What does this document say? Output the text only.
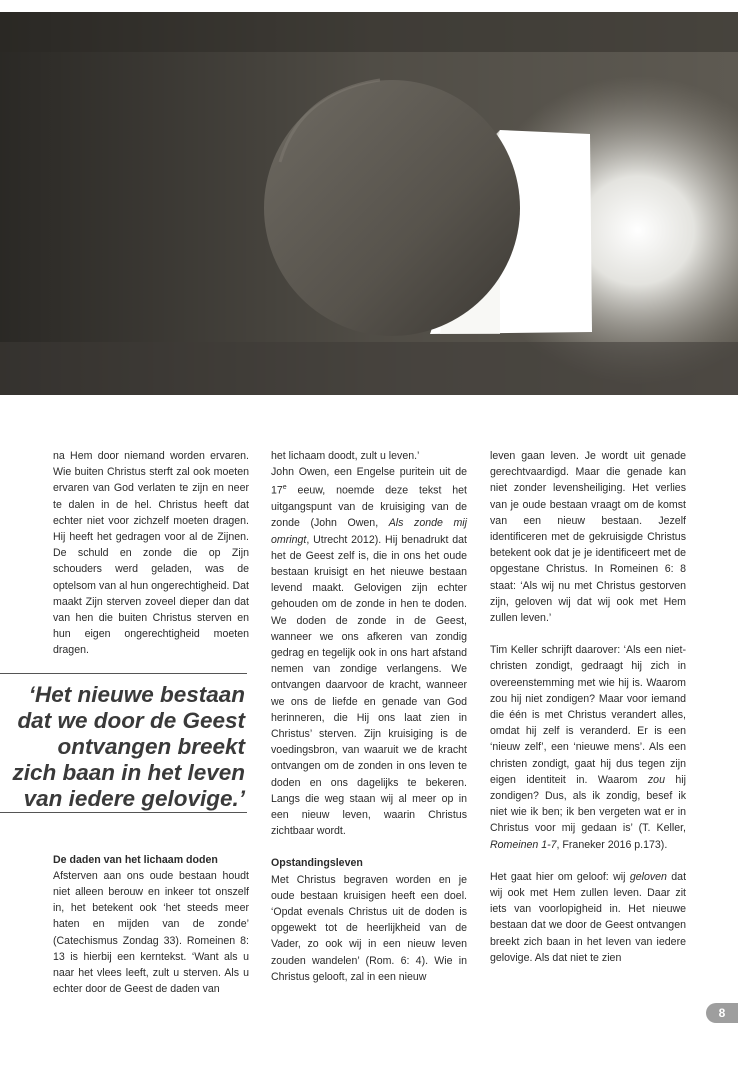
na Hem door niemand worden ervaren. Wie buiten Christus sterft zal ook moeten ervaren van God verlaten te zijn en neer te dalen in de hel. Christus heeft dat echter niet voor zichzelf moeten dragen. Hij heeft het gedragen voor al de Zijnen. De schuld en zonde die op Zijn schouders werd geladen, was de optelsom van al hun ongerechtigheid. Dat maakt Zijn sterven zoveel dieper dan dat van hen die buiten Christus sterven en hun eigen ongerechtigheid moeten dragen.

De daden van het lichaam doden

Afsterven aan ons oude bestaan houdt niet alleen berouw en inkeer tot onszelf in, het betekent ook ‘het steeds meer haten en mijden van de zonde’ (Catechismus Zondag 33). Romeinen 8: 13 is hierbij een kerntekst. ‘Want als u naar het vlees leeft, zult u sterven. Als u echter door de Geest de daden van

‘Het nieuwe bestaan dat we door de Geest ontvangen breekt zich baan in het leven van iedere gelovige.’

het lichaam doodt, zult u leven.’

John Owen, een Engelse puritein uit de 17e eeuw, noemde deze tekst het uitgangspunt van de kruisiging van de zonde (John Owen, Als zonde mij omringt, Utrecht 2012). Hij benadrukt dat het de Geest zelf is, die in ons het oude bestaan kruisigt en het nieuwe bestaan levend maakt. Gelovigen zijn echter gehouden om de zonde in hen te doden. We doden de zonde in de Geest, wanneer we ons afkeren van zondig gedrag en tegelijk ook in ons hart afstand nemen van zondige verlangens. We ontvangen daarvoor de kracht, wanneer we ons de liefde en genade van God herinneren, die Hij ons laat zien in Christus’ sterven. Zijn kruisiging is de voedingsbron, van waaruit we de kracht ontvangen om de zonden in ons leven te doden en ons dagelijks te bekeren. Langs die weg staan wij al meer op in een nieuw leven, waarin Christus zichtbaar wordt.

Opstandingsleven

Met Christus begraven worden en je oude bestaan kruisigen heeft een doel. ‘Opdat evenals Christus uit de doden is opgewekt tot de heerlijkheid van de Vader, zo ook wij in een nieuw leven zouden wandelen’ (Rom. 6: 4). Wie in Christus gelooft, zal in een nieuw

leven gaan leven. Je wordt uit genade gerechtvaardigd. Maar die genade kan niet zonder levensheiliging. Het verlies van je oude bestaan vraagt om de komst van een nieuw bestaan. Jezelf identificeren met de gekruisigde Christus betekent ook dat je je identificeert met de opgestane Christus. In Romeinen 6: 8 staat: ‘Als wij nu met Christus gestorven zijn, geloven wij dat wij ook met Hem zullen leven.’

Tim Keller schrijft daarover: ‘Als een niet-christen zondigt, gedraagt hij zich in overeenstemming met wie hij is. Waarom zou hij niet zondigen? Maar voor iemand die één is met Christus verandert alles, omdat hij zelf is veranderd. Er is een ‘nieuw zelf’, een ‘nieuwe mens’. Als een christen zondigt, gaat hij dus tegen zijn eigen identiteit in. Waarom zou hij zondigen? Dus, als ik zondig, besef ik niet wie ik ben; ik ben vergeten wat er in Christus voor mij gedaan is’ (T. Keller, Romeinen 1-7, Franeker 2016 p.173).

Het gaat hier om geloof: wij geloven dat wij ook met Hem zullen leven. Daar zit iets van voorlopigheid in. Het nieuwe bestaan dat we door de Geest ontvangen breekt zich baan in het leven van iedere gelovige. Als dat niet te zien

8
